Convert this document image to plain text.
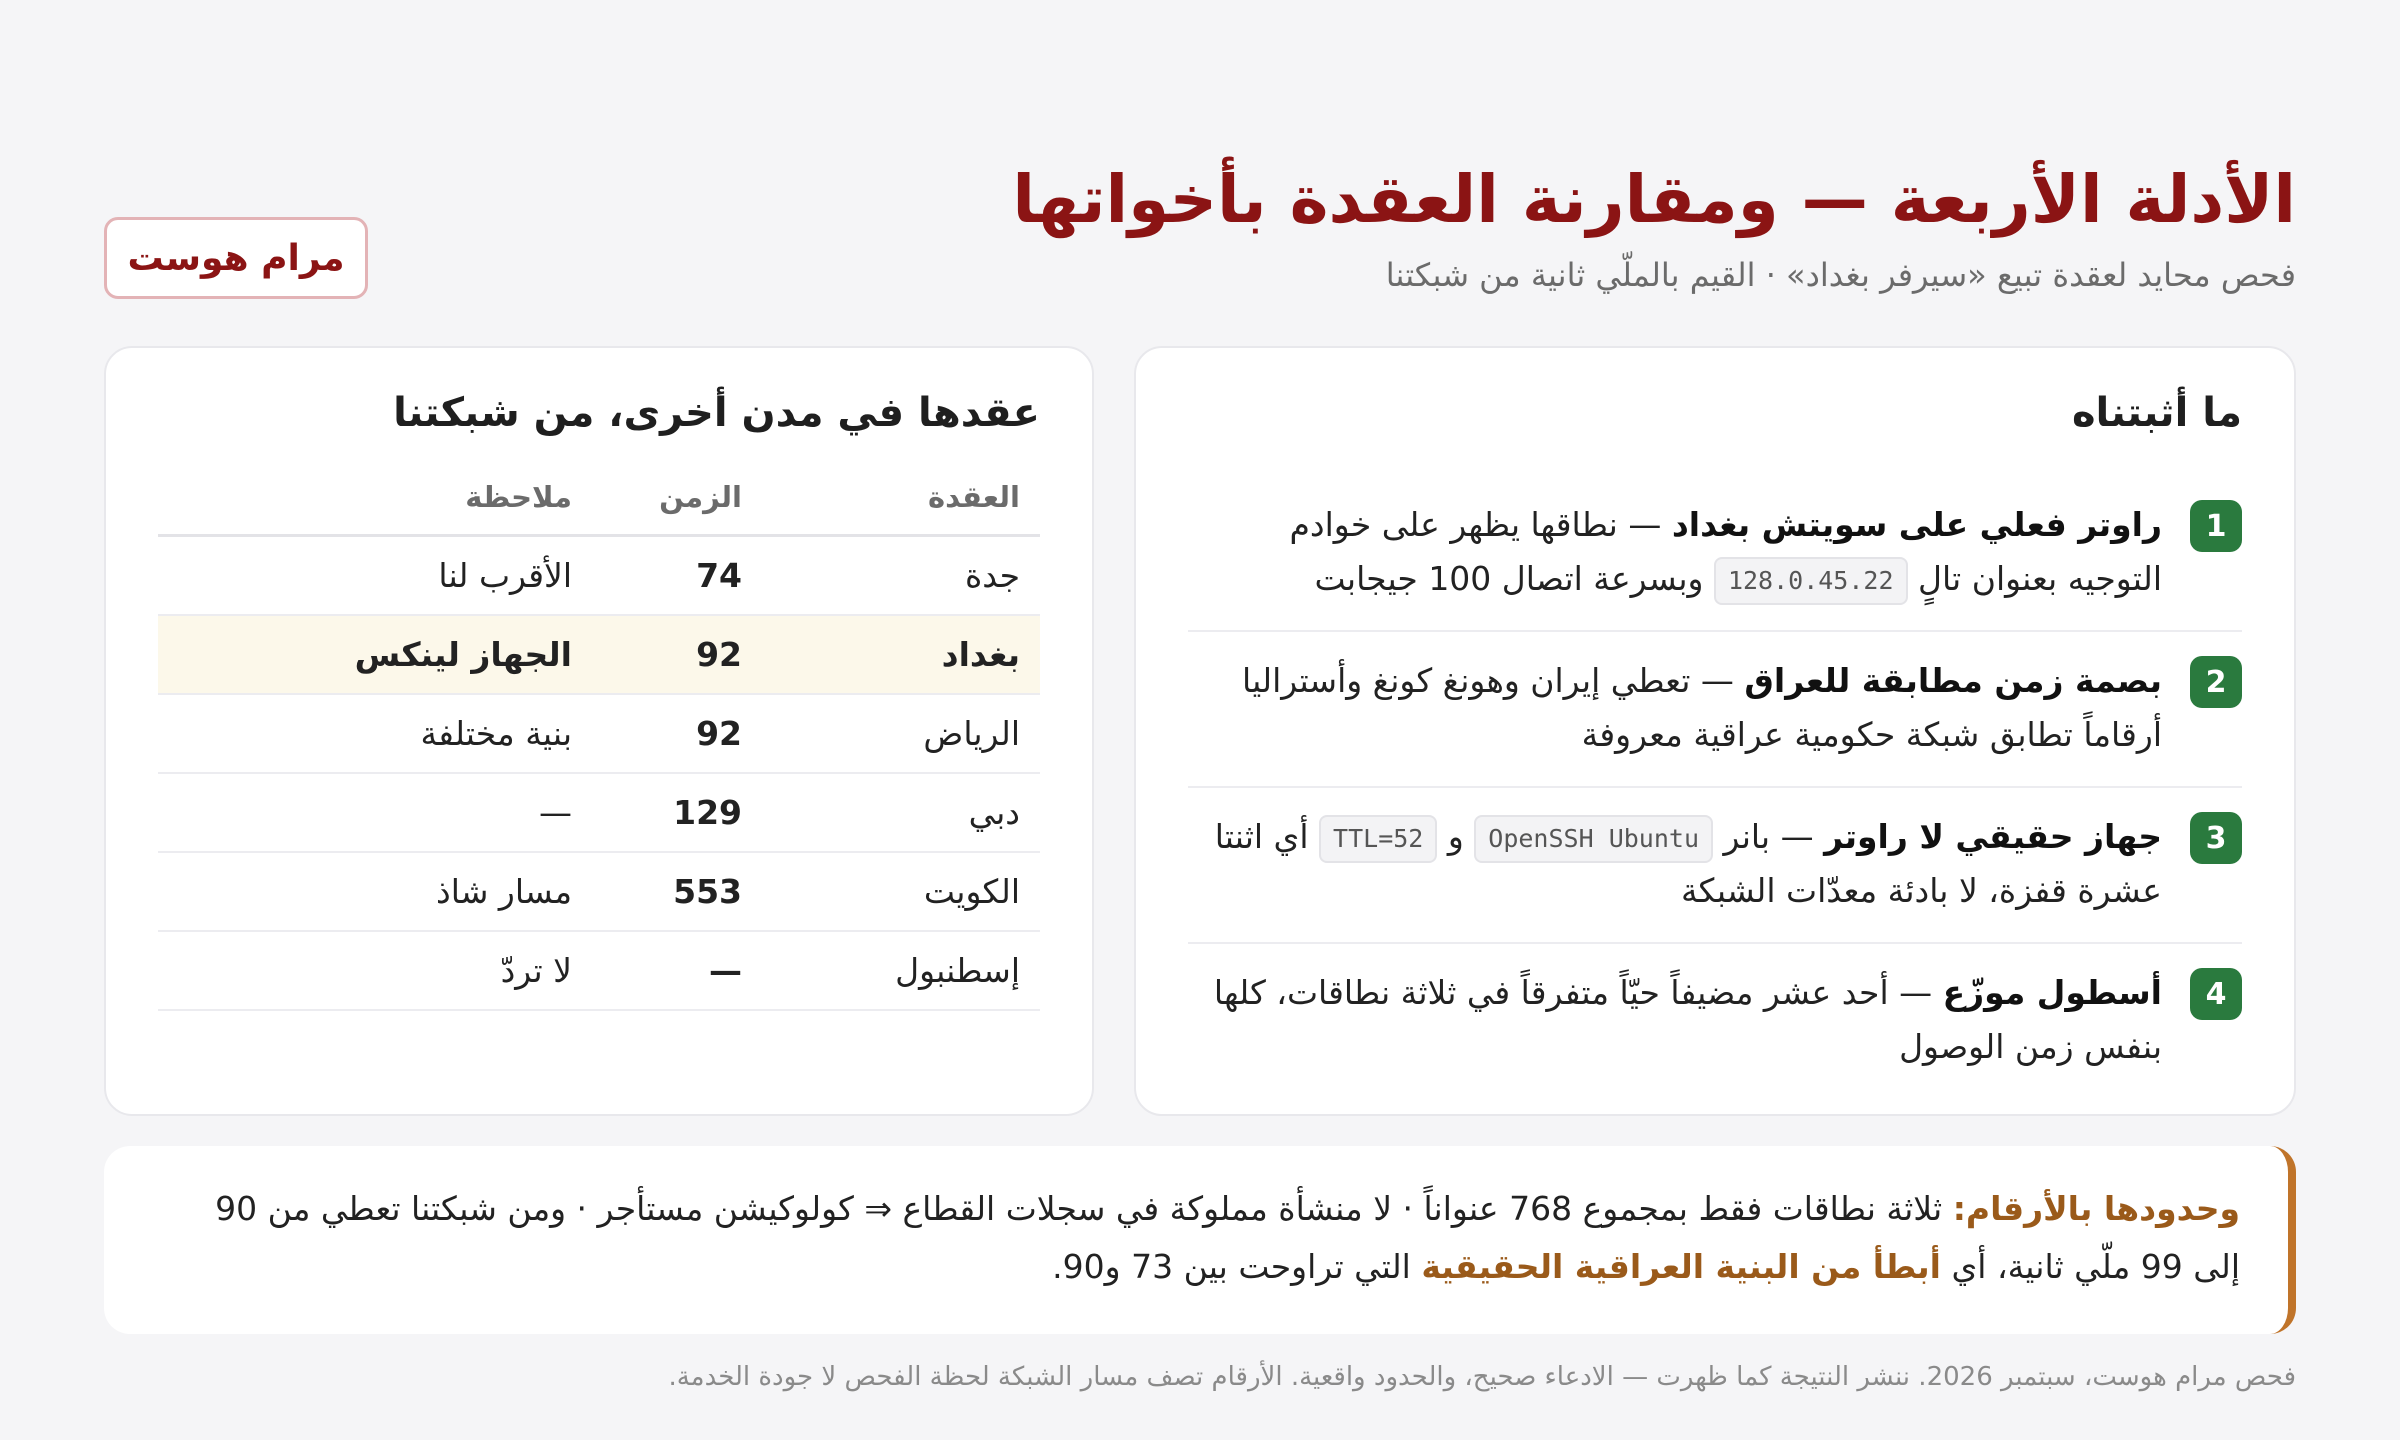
الأدلة الأربعة — ومقارنة العقدة بأخواتها

فحص محايد لعقدة تبيع «سيرفر بغداد» · القيم بالملّي ثانية من شبكتنا

مرام هوست
ما أثبتناه
1
راوتر فعلي على سويتش بغداد — نطاقها يظهر على خوادم التوجيه بعنوان تالٍ 128.0.45.22 وبسرعة اتصال 100 جيجابت
2
بصمة زمن مطابقة للعراق — تعطي إيران وهونغ كونغ وأستراليا أرقاماً تطابق شبكة حكومية عراقية معروفة
3
جهاز حقيقي لا راوتر — بانر OpenSSH Ubuntu و TTL=52 أي اثنتا عشرة قفزة، لا بادئة معدّات الشبكة
4
أسطول موزّع — أحد عشر مضيفاً حيّاً متفرقاً في ثلاثة نطاقات، كلها بنفس زمن الوصول
عقدها في مدن أخرى، من شبكتنا
العقدة	الزمن	ملاحظة
جدة	74	الأقرب لنا
بغداد	92	الجهاز لينكس
الرياض	92	بنية مختلفة
دبي	129	—
الكويت	553	مسار شاذ
إسطنبول	—	لا تردّ
وحدودها بالأرقام: ثلاثة نطاقات فقط بمجموع 768 عنواناً · لا منشأة مملوكة في سجلات القطاع ⇒ كولوكيشن مستأجر · ومن شبكتنا تعطي من 90 إلى 99 ملّي ثانية، أي أبطأ من البنية العراقية الحقيقية التي تراوحت بين 73 و90.

فحص مرام هوست، سبتمبر 2026. ننشر النتيجة كما ظهرت — الادعاء صحيح، والحدود واقعية. الأرقام تصف مسار الشبكة لحظة الفحص لا جودة الخدمة.
